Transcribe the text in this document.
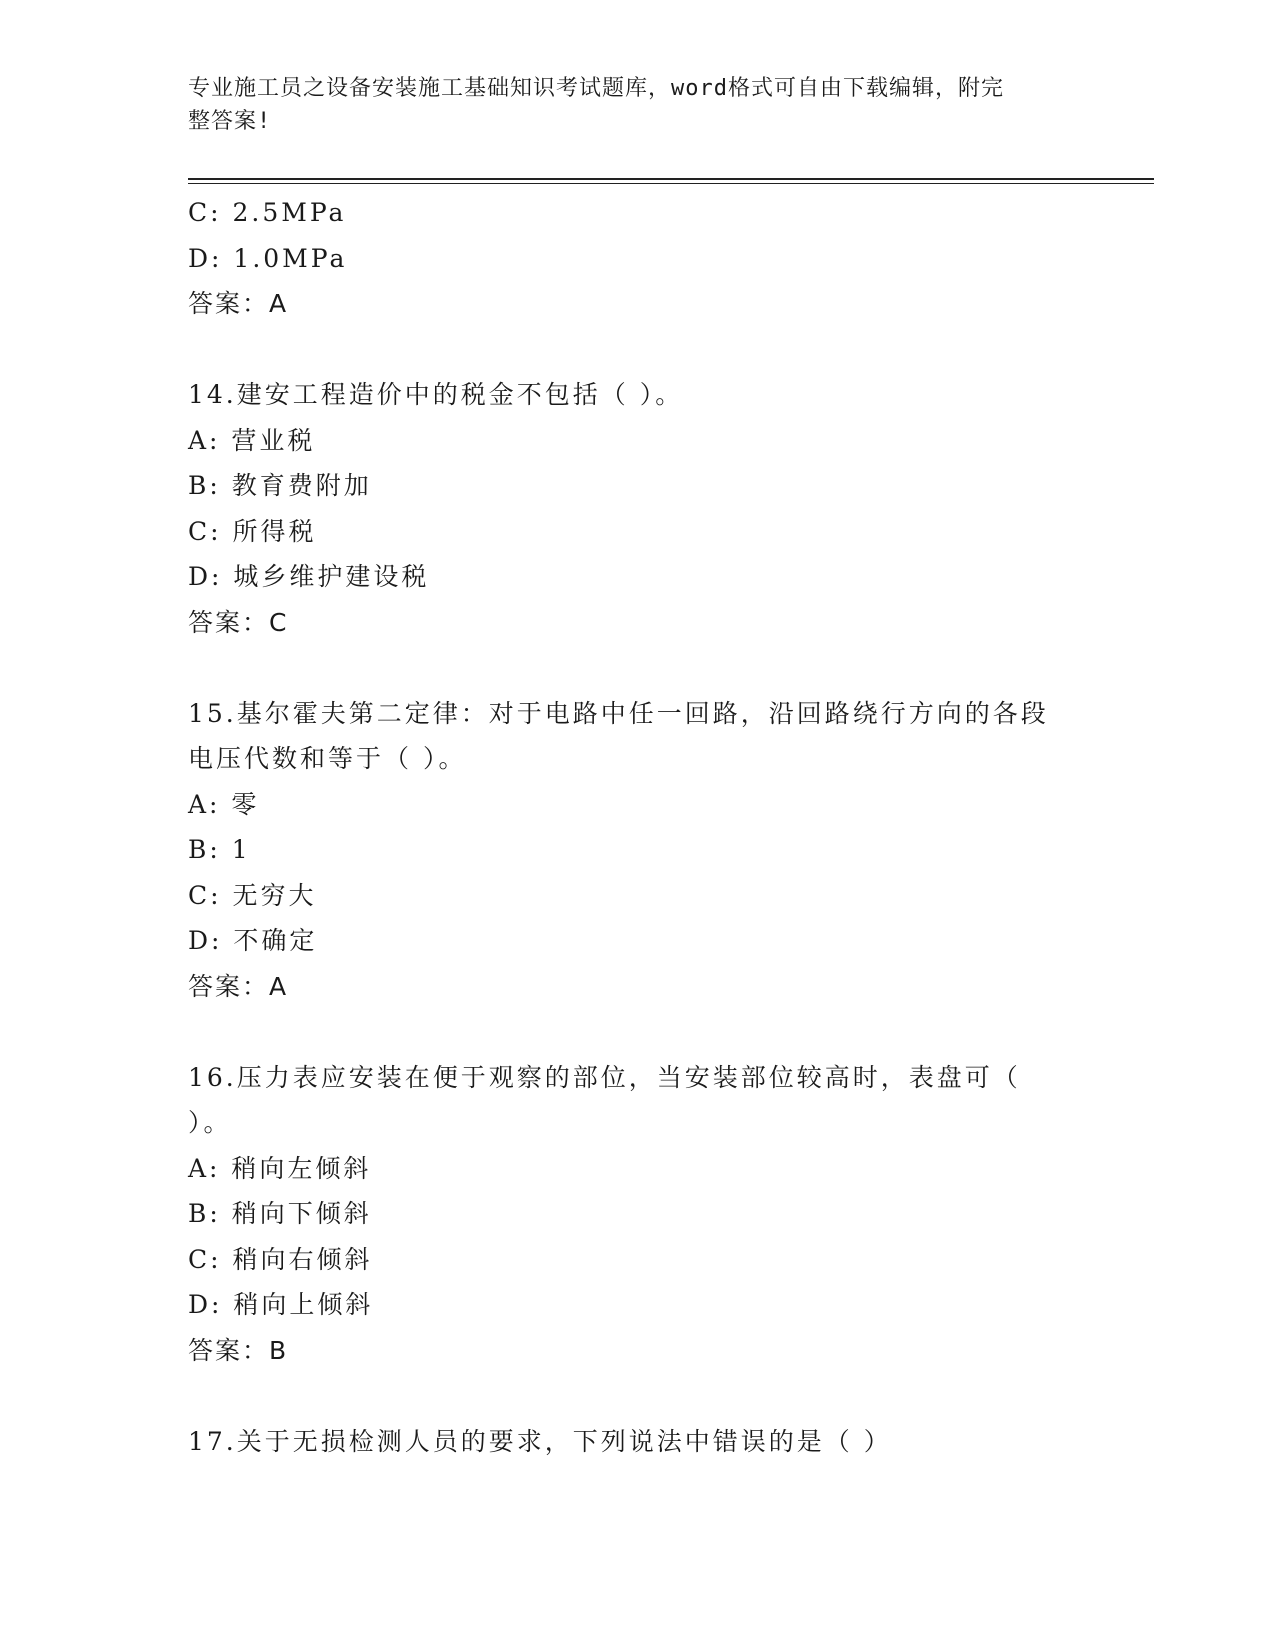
专业施工员之设备安装施工基础知识考试题库，word格式可自由下载编辑，附完
整答案!
C: 2.5MPa
D: 1.0MPa
答案：A
14.建安工程造价中的税金不包括（ ）。
A: 营业税
B: 教育费附加
C: 所得税
D: 城乡维护建设税
答案：C
15.基尔霍夫第二定律：对于电路中任一回路，沿回路绕行方向的各段
电压代数和等于（ ）。
A: 零
B: 1
C: 无穷大
D: 不确定
答案：A
16.压力表应安装在便于观察的部位，当安装部位较高时，表盘可（
）。
A: 稍向左倾斜
B: 稍向下倾斜
C: 稍向右倾斜
D: 稍向上倾斜
答案：B
17.关于无损检测人员的要求，下列说法中错误的是（ ）
